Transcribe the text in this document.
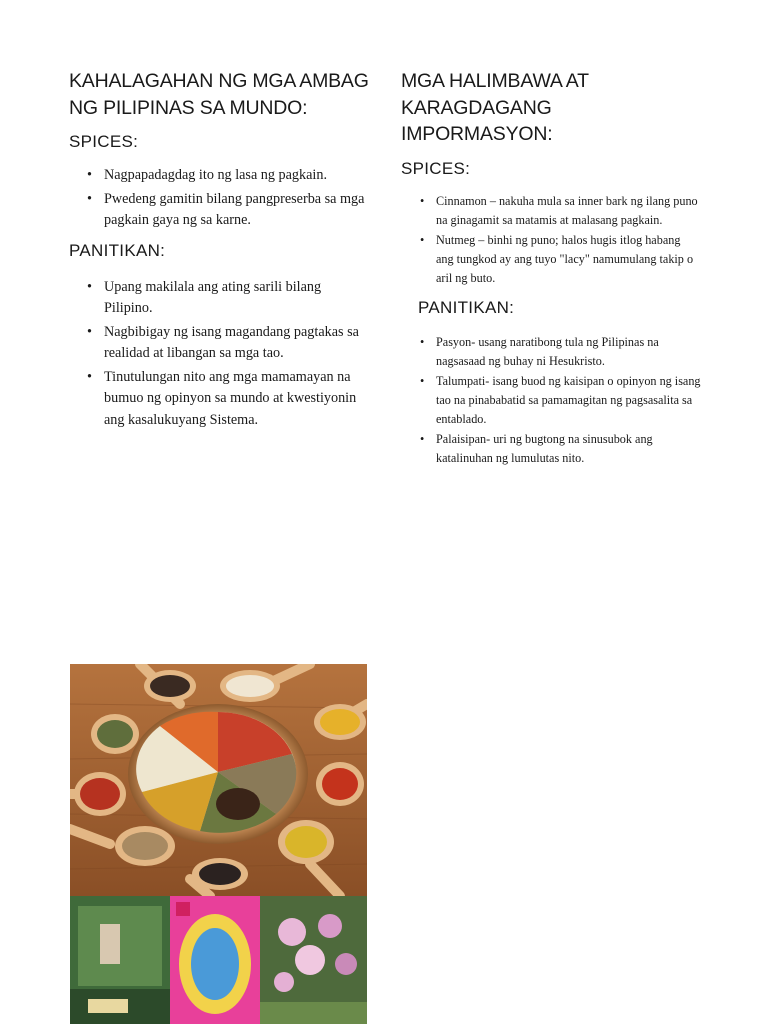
KAHALAGAHAN NG MGA AMBAG NG PILIPINAS SA MUNDO:
SPICES:
• Nagpapadagdag ito ng lasa ng pagkain.
• Pwedeng gamitin bilang pangpreserba sa mga pagkain gaya ng sa karne.
PANITIKAN:
• Upang makilala ang ating sarili bilang Pilipino.
• Nagbibigay ng isang magandang pagtakas sa realidad at libangan sa mga tao.
• Tinutulungan nito ang mga mamamayan na bumuo ng opinyon sa mundo at kwestiyonin ang kasalukuyang Sistema.
MGA HALIMBAWA AT KARAGDAGANG IMPORMASYON:
SPICES:
• Cinnamon – nakuha mula sa inner bark ng ilang puno na ginagamit sa matamis at malasang pagkain.
• Nutmeg – binhi ng puno; halos hugis itlog habang ang tungkod ay ang tuyo "lacy" namumulang takip o aril ng buto.
PANITIKAN:
• Pasyon- usang naratibong tula ng Pilipinas na nagsasaad ng buhay ni Hesukristo.
• Talumpati- isang buod ng kaisipan o opinyon ng isang tao na pinababatid sa pamamagitan ng pagsasalita sa entablado.
• Palaisipan- uri ng bugtong na sinusubok ang katalinuhan ng lumulutas nito.
